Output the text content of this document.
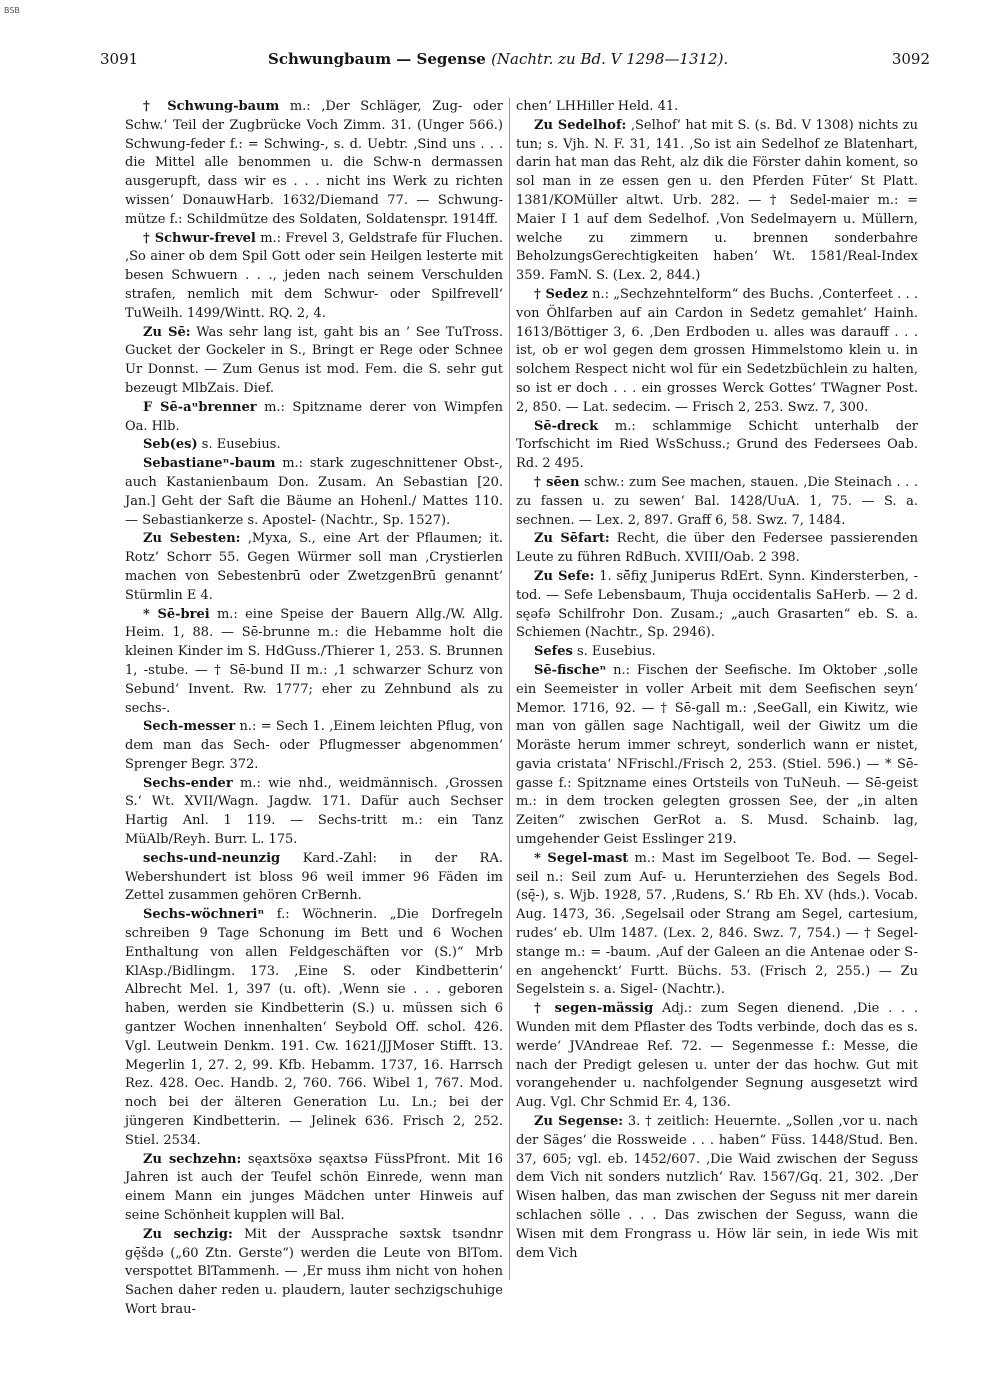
BSB
3091	Schwungbaum — Segense (Nachtr. zu Bd. V 1298—1312).	3092

† Schwung-baum m.: ‚Der Schläger, Zug- oder Schw.‘ Teil der Zugbrücke Voch Zimm. 31. (Unger 566.) Schwung-feder f.: = Schwing-, s. d. Uebtr. ‚Sind uns . . . die Mittel alle benommen u. die Schw-n dermassen ausgerupft, dass wir es . . . nicht ins Werk zu richten wissen‘ DonauwHarb. 1632/Diemand 77. — Schwung-mütze f.: Schildmütze des Soldaten, Soldatenspr. 1914ff.

† Schwur-frevel m.: Frevel 3, Geldstrafe für Fluchen. ‚So ainer ob dem Spil Gott oder sein Heilgen lesterte mit besen Schwuern . . ., jeden nach seinem Verschulden strafen, nemlich mit dem Schwur- oder Spilfrevell‘ TuWeilh. 1499/Wintt. RQ. 2, 4.

Zu Sē: Was sehr lang ist, gaht bis an ’ See TuTross. Gucket der Gockeler in S., Bringt er Rege oder Schnee Ur Donnst. — Zum Genus ist mod. Fem. die S. sehr gut bezeugt MlbZais. Dief.

F Sē-aᵘbrenner m.: Spitzname derer von Wimpfen Oa. Hlb.

Seb(es) s. Eusebius.

Sebastianeⁿ-baum m.: stark zugeschnittener Obst-, auch Kastanienbaum Don. Zusam. An Sebastian [20. Jan.] Geht der Saft die Bäume an Hohenl./ Mattes 110. — Sebastiankerze s. Apostel- (Nachtr., Sp. 1527).

Zu Sebesten: ‚Myxa, S., eine Art der Pflaumen; it. Rotz‘ Schorr 55. Gegen Würmer soll man ‚Crystierlen machen von Sebestenbrū oder ZwetzgenBrū genannt‘ Stürmlin E 4.

* Sē-brei m.: eine Speise der Bauern Allg./W. Allg. Heim. 1, 88. — Sē-brunne m.: die Hebamme holt die kleinen Kinder im S. HdGuss./Thierer 1, 253. S. Brunnen 1, -stube. — † Sē-bund II m.: ‚1 schwarzer Schurz von Sebund‘ Invent. Rw. 1777; eher zu Zehnbund als zu sechs-.

Sech-messer n.: = Sech 1. ‚Einem leichten Pflug, von dem man das Sech- oder Pflugmesser abgenommen‘ Sprenger Begr. 372.

Sechs-ender m.: wie nhd., weidmännisch. ‚Grossen S.‘ Wt. XVII/Wagn. Jagdw. 171. Dafür auch Sechser Hartig Anl. 1 119. — Sechs-tritt m.: ein Tanz MüAlb/Reyh. Burr. L. 175.

sechs-und-neunzig Kard.-Zahl: in der RA. Webershundert ist bloss 96 weil immer 96 Fäden im Zettel zusammen gehören CrBernh.

Sechs-wöchneriⁿ f.: Wöchnerin. „Die Dorfregeln schreiben 9 Tage Schonung im Bett und 6 Wochen Enthaltung von allen Feldgeschäften vor (S.)“ Mrb KlAsp./Bidlingm. 173. ‚Eine S. oder Kindbetterin‘ Albrecht Mel. 1, 397 (u. oft). ‚Wenn sie . . . geboren haben, werden sie Kindbetterin (S.) u. müssen sich 6 gantzer Wochen innenhalten‘ Seybold Off. schol. 426. Vgl. Leutwein Denkm. 191. Cw. 1621/JJMoser Stifft. 13. Megerlin 1, 27. 2, 99. Kfb. Hebamm. 1737, 16. Harrsch Rez. 428. Oec. Handb. 2, 760. 766. Wibel 1, 767. Mod. noch bei der älteren Generation Lu. Ln.; bei der jüngeren Kindbetterin. — Jelinek 636. Frisch 2, 252. Stiel. 2534.

Zu sechzehn: sęaxtsöxə sęaxtsə FüssPfront. Mit 16 Jahren ist auch der Teufel schön Einrede, wenn man einem Mann ein junges Mädchen unter Hinweis auf seine Schönheit kupplen will Bal.

Zu sechzig: Mit der Aussprache səxtsk tsəndnr gę̄šdə („60 Ztn. Gerste“) werden die Leute von BlTom. verspottet BlTammenh. — ‚Er muss ihm nicht von hohen Sachen daher reden u. plaudern, lauter sechzigschuhige Wort brau-

chen‘ LHHiller Held. 41.

Zu Sedelhof: ‚Selhof‘ hat mit S. (s. Bd. V 1308) nichts zu tun; s. Vjh. N. F. 31, 141. ‚So ist ain Sedelhof ze Blatenhart, darin hat man das Reht, alz dik die Förster dahin koment, so sol man in ze essen gen u. den Pferden Fūter‘ St Platt. 1381/KOMüller altwt. Urb. 282. — † Sedel-maier m.: = Maier I 1 auf dem Sedelhof. ‚Von Sedelmayern u. Müllern, welche zu zimmern u. brennen sonderbahre BeholzungsGerechtigkeiten haben‘ Wt. 1581/Real-Index 359. FamN. S. (Lex. 2, 844.)

† Sedez n.: „Sechzehntelform“ des Buchs. ‚Conterfeet . . . von Öhlfarben auf ain Cardon in Sedetz gemahlet‘ Hainh. 1613/Böttiger 3, 6. ‚Den Erdboden u. alles was darauff . . . ist, ob er wol gegen dem grossen Himmelstomo klein u. in solchem Respect nicht wol für ein Sedetzbüchlein zu halten, so ist er doch . . . ein grosses Werck Gottes‘ TWagner Post. 2, 850. — Lat. sedecim. — Frisch 2, 253. Swz. 7, 300.

Sē-dreck m.: schlammige Schicht unterhalb der Torfschicht im Ried WsSchuss.; Grund des Federsees Oab. Rd. 2 495.

† sēen schw.: zum See machen, stauen. ‚Die Steinach . . . zu fassen u. zu sewen‘ Bal. 1428/UuA. 1, 75. — S. a. sechnen. — Lex. 2, 897. Graff 6, 58. Swz. 7, 1484.

Zu Sēfart: Recht, die über den Federsee passierenden Leute zu führen RdBuch. XVIII/Oab. 2 398.

Zu Sefe: 1. sē̆fiχ Juniperus RdErt. Synn. Kindersterben, -tod. — Sefe Lebensbaum, Thuja occidentalis SaHerb. — 2 d. sęəfə Schilfrohr Don. Zusam.; „auch Grasarten“ eb. S. a. Schiemen (Nachtr., Sp. 2946).

Sefes s. Eusebius.

Sē-fischeⁿ n.: Fischen der Seefische. Im Oktober ‚solle ein Seemeister in voller Arbeit mit dem Seefischen seyn‘ Memor. 1716, 92. — † Sē-gall m.: ‚SeeGall, ein Kiwitz, wie man von gällen sage Nachtigall, weil der Giwitz um die Moräste herum immer schreyt, sonderlich wann er nistet, gavia cristata‘ NFrischl./Frisch 2, 253. (Stiel. 596.) — * Sē-gasse f.: Spitzname eines Ortsteils von TuNeuh. — Sē-geist m.: in dem trocken gelegten grossen See, der „in alten Zeiten“ zwischen GerRot a. S. Musd. Schainb. lag, umgehender Geist Esslinger 219.

* Segel-mast m.: Mast im Segelboot Te. Bod. — Segel-seil n.: Seil zum Auf- u. Herunterziehen des Segels Bod. (sę̄-), s. Wjb. 1928, 57. ‚Rudens, S.‘ Rb Eh. XV (hds.). Vocab. Aug. 1473, 36. ‚Segelsail oder Strang am Segel, cartesium, rudes‘ eb. Ulm 1487. (Lex. 2, 846. Swz. 7, 754.) — † Segel-stange m.: = -baum. ‚Auf der Galeen an die Antenae oder S-en angehenckt‘ Furtt. Büchs. 53. (Frisch 2, 255.) — Zu Segelstein s. a. Sigel- (Nachtr.).

† segen-mässig Adj.: zum Segen dienend. ‚Die . . . Wunden mit dem Pflaster des Todts verbinde, doch das es s. werde‘ JVAndreae Ref. 72. — Segenmesse f.: Messe, die nach der Predigt gelesen u. unter der das hochw. Gut mit vorangehender u. nachfolgender Segnung ausgesetzt wird Aug. Vgl. Chr Schmid Er. 4, 136.

Zu Segense: 3. † zeitlich: Heuernte. „Sollen ‚vor u. nach der Säges‘ die Rossweide . . . haben“ Füss. 1448/Stud. Ben. 37, 605; vgl. eb. 1452/607. ‚Die Waid zwischen der Seguss dem Vich nit sonders nutzlich‘ Rav. 1567/Gq. 21, 302. ‚Der Wisen halben, das man zwischen der Seguss nit mer darein schlachen sölle . . . Das zwischen der Seguss, wann die Wisen mit dem Frongrass u. Höw lär sein, in iede Wis mit dem Vich
